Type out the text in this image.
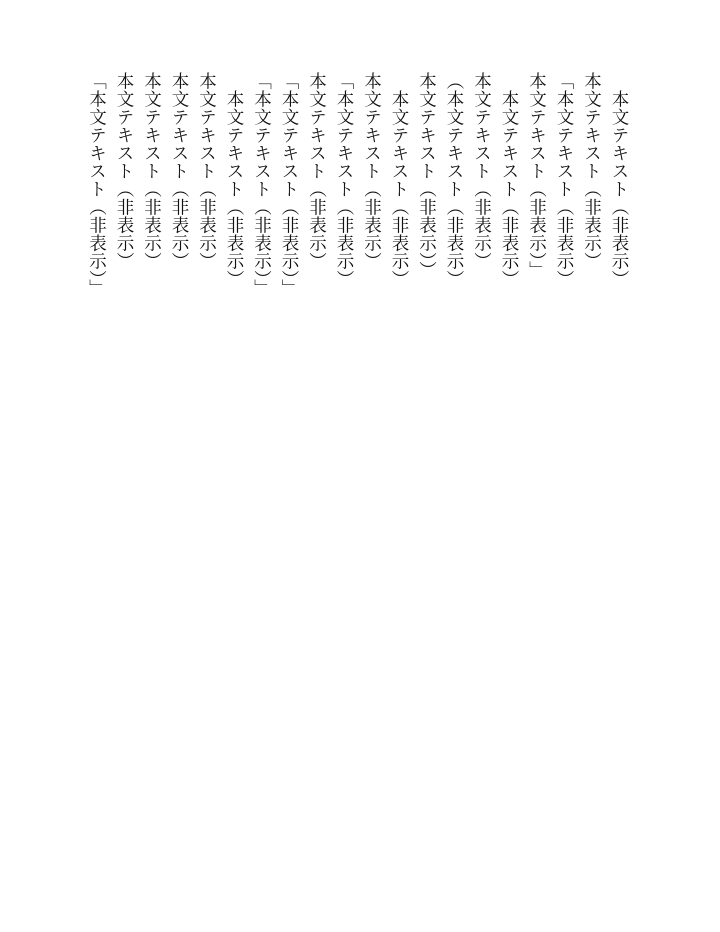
　本文テキスト（非表示）
本文テキスト（非表示）
「本文テキスト（非表示）
本文テキスト（非表示）」
　本文テキスト（非表示）
本文テキスト（非表示）
（本文テキスト（非表示）
本文テキスト（非表示））
　本文テキスト（非表示）
本文テキスト（非表示）
「本文テキスト（非表示）
本文テキスト（非表示）
「本文テキスト（非表示）」
「本文テキスト（非表示）」
　本文テキスト（非表示）
本文テキスト（非表示）
本文テキスト（非表示）
本文テキスト（非表示）
本文テキスト（非表示）
「本文テキスト（非表示）」
